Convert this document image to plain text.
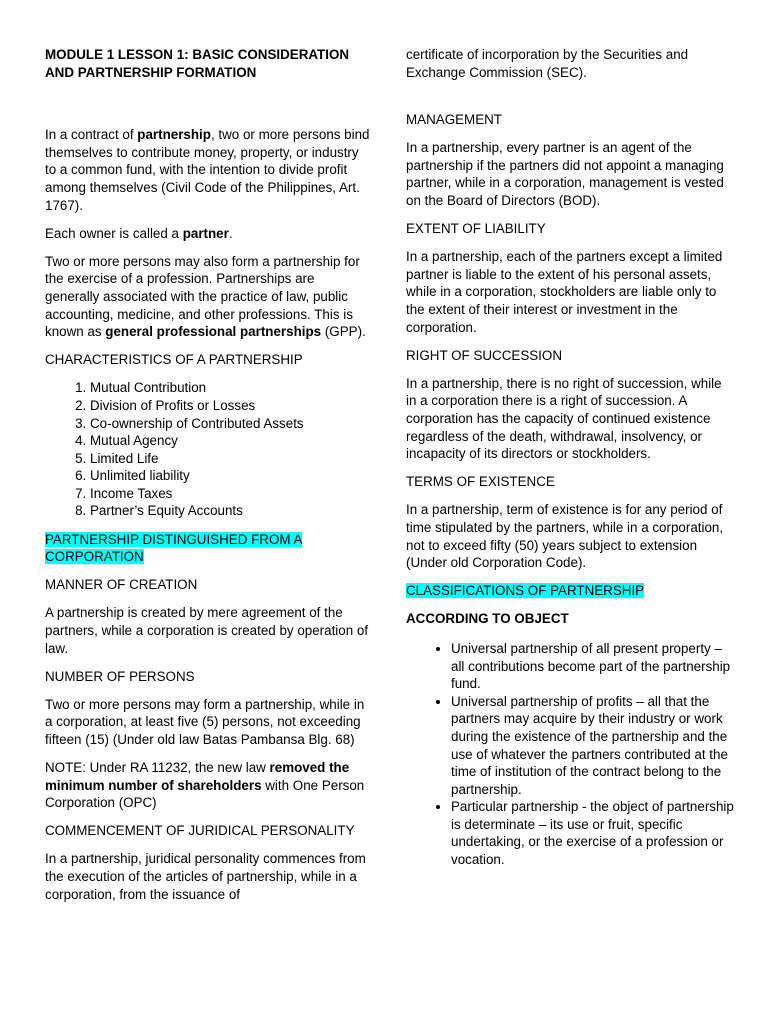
MODULE 1 LESSON 1: BASIC CONSIDERATION AND PARTNERSHIP FORMATION

In a contract of partnership, two or more persons bind themselves to contribute money, property, or industry to a common fund, with the intention to divide profit among themselves (Civil Code of the Philippines, Art. 1767).

Each owner is called a partner.

Two or more persons may also form a partnership for the exercise of a profession. Partnerships are generally associated with the practice of law, public accounting, medicine, and other professions. This is known as general professional partnerships (GPP).

CHARACTERISTICS OF A PARTNERSHIP

1. Mutual Contribution
2. Division of Profits or Losses
3. Co-ownership of Contributed Assets
4. Mutual Agency
5. Limited Life
6. Unlimited liability
7. Income Taxes
8. Partner’s Equity Accounts

PARTNERSHIP DISTINGUISHED FROM A CORPORATION

MANNER OF CREATION

A partnership is created by mere agreement of the partners, while a corporation is created by operation of law.

NUMBER OF PERSONS

Two or more persons may form a partnership, while in a corporation, at least five (5) persons, not exceeding fifteen (15) (Under old law Batas Pambansa Blg. 68)

NOTE: Under RA 11232, the new law removed the minimum number of shareholders with One Person Corporation (OPC)

COMMENCEMENT OF JURIDICAL PERSONALITY

In a partnership, juridical personality commences from the execution of the articles of partnership, while in a corporation, from the issuance of

certificate of incorporation by the Securities and Exchange Commission (SEC).

MANAGEMENT

In a partnership, every partner is an agent of the partnership if the partners did not appoint a managing partner, while in a corporation, management is vested on the Board of Directors (BOD).

EXTENT OF LIABILITY

In a partnership, each of the partners except a limited partner is liable to the extent of his personal assets, while in a corporation, stockholders are liable only to the extent of their interest or investment in the corporation.

RIGHT OF SUCCESSION

In a partnership, there is no right of succession, while in a corporation there is a right of succession. A corporation has the capacity of continued existence regardless of the death, withdrawal, insolvency, or incapacity of its directors or stockholders.

TERMS OF EXISTENCE

In a partnership, term of existence is for any period of time stipulated by the partners, while in a corporation, not to exceed fifty (50) years subject to extension (Under old Corporation Code).

CLASSIFICATIONS OF PARTNERSHIP

ACCORDING TO OBJECT

• Universal partnership of all present property – all contributions become part of the partnership fund.
• Universal partnership of profits – all that the partners may acquire by their industry or work during the existence of the partnership and the use of whatever the partners contributed at the time of institution of the contract belong to the partnership.
• Particular partnership - the object of partnership is determinate – its use or fruit, specific undertaking, or the exercise of a profession or vocation.
